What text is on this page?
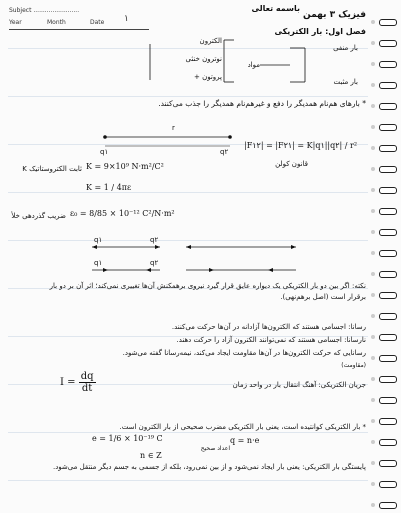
Subject ........................
Year	Month	Date ۱
باسمه تعالی
فیزیک ۳ بهمن
فصل اول: بار الکتریکی
بار منفی
بار مثبت
مواد
الکترون
نوترون خنثی
پروتون +
* بارهای هم‌نام همدیگر را دفع و غیرهم‌نام همدیگر را جذب می‌کنند.
r
q۱	q۲
|F۱۲| = |F۲۱| = K|q۱||q۲| / r²
قانون کولن
K ثابت الکتروستاتیک K = 9×10⁹ N·m²/C²
K = 1 / 4πε
ضریب گذردهی خلأ ε₀ = 8/85 × 10⁻¹² C²/N·m²
q۱	q۲
q۱	q۲
نکته: اگر بین دو بار الکتریکی یک دیواره عایق قرار گیرد نیروی برهمکنش آن‌ها تغییری نمی‌کند؛ اثر آن بر دو بار برقرار است (اصل برهم‌نهی).
رسانا: اجسامی هستند که الکترون‌ها آزادانه در آن‌ها حرکت می‌کنند.
نارسانا: اجسامی هستند که نمی‌توانند الکترون آزاد را حرکت دهند.
رسانایی که حرکت الکترون‌ها در آن‌ها مقاومت ایجاد می‌کند، نیمه‌رسانا گفته می‌شود.
(مقاومت)
$I = \frac{dq}{dt}$	جریان الکتریکی: آهنگ انتقال بار در واحد زمان
* بار الکتریکی کوانتیده است، یعنی بار الکتریکی مضرب صحیحی از بار الکترون است.
q = n·e
e = 1/6 × 10⁻¹⁹ C
n ∈ Z
اعداد صحیح
پایستگی بار الکتریکی: یعنی بار ایجاد نمی‌شود و از بین نمی‌رود، بلکه از جسمی به جسم دیگر منتقل می‌شود.
